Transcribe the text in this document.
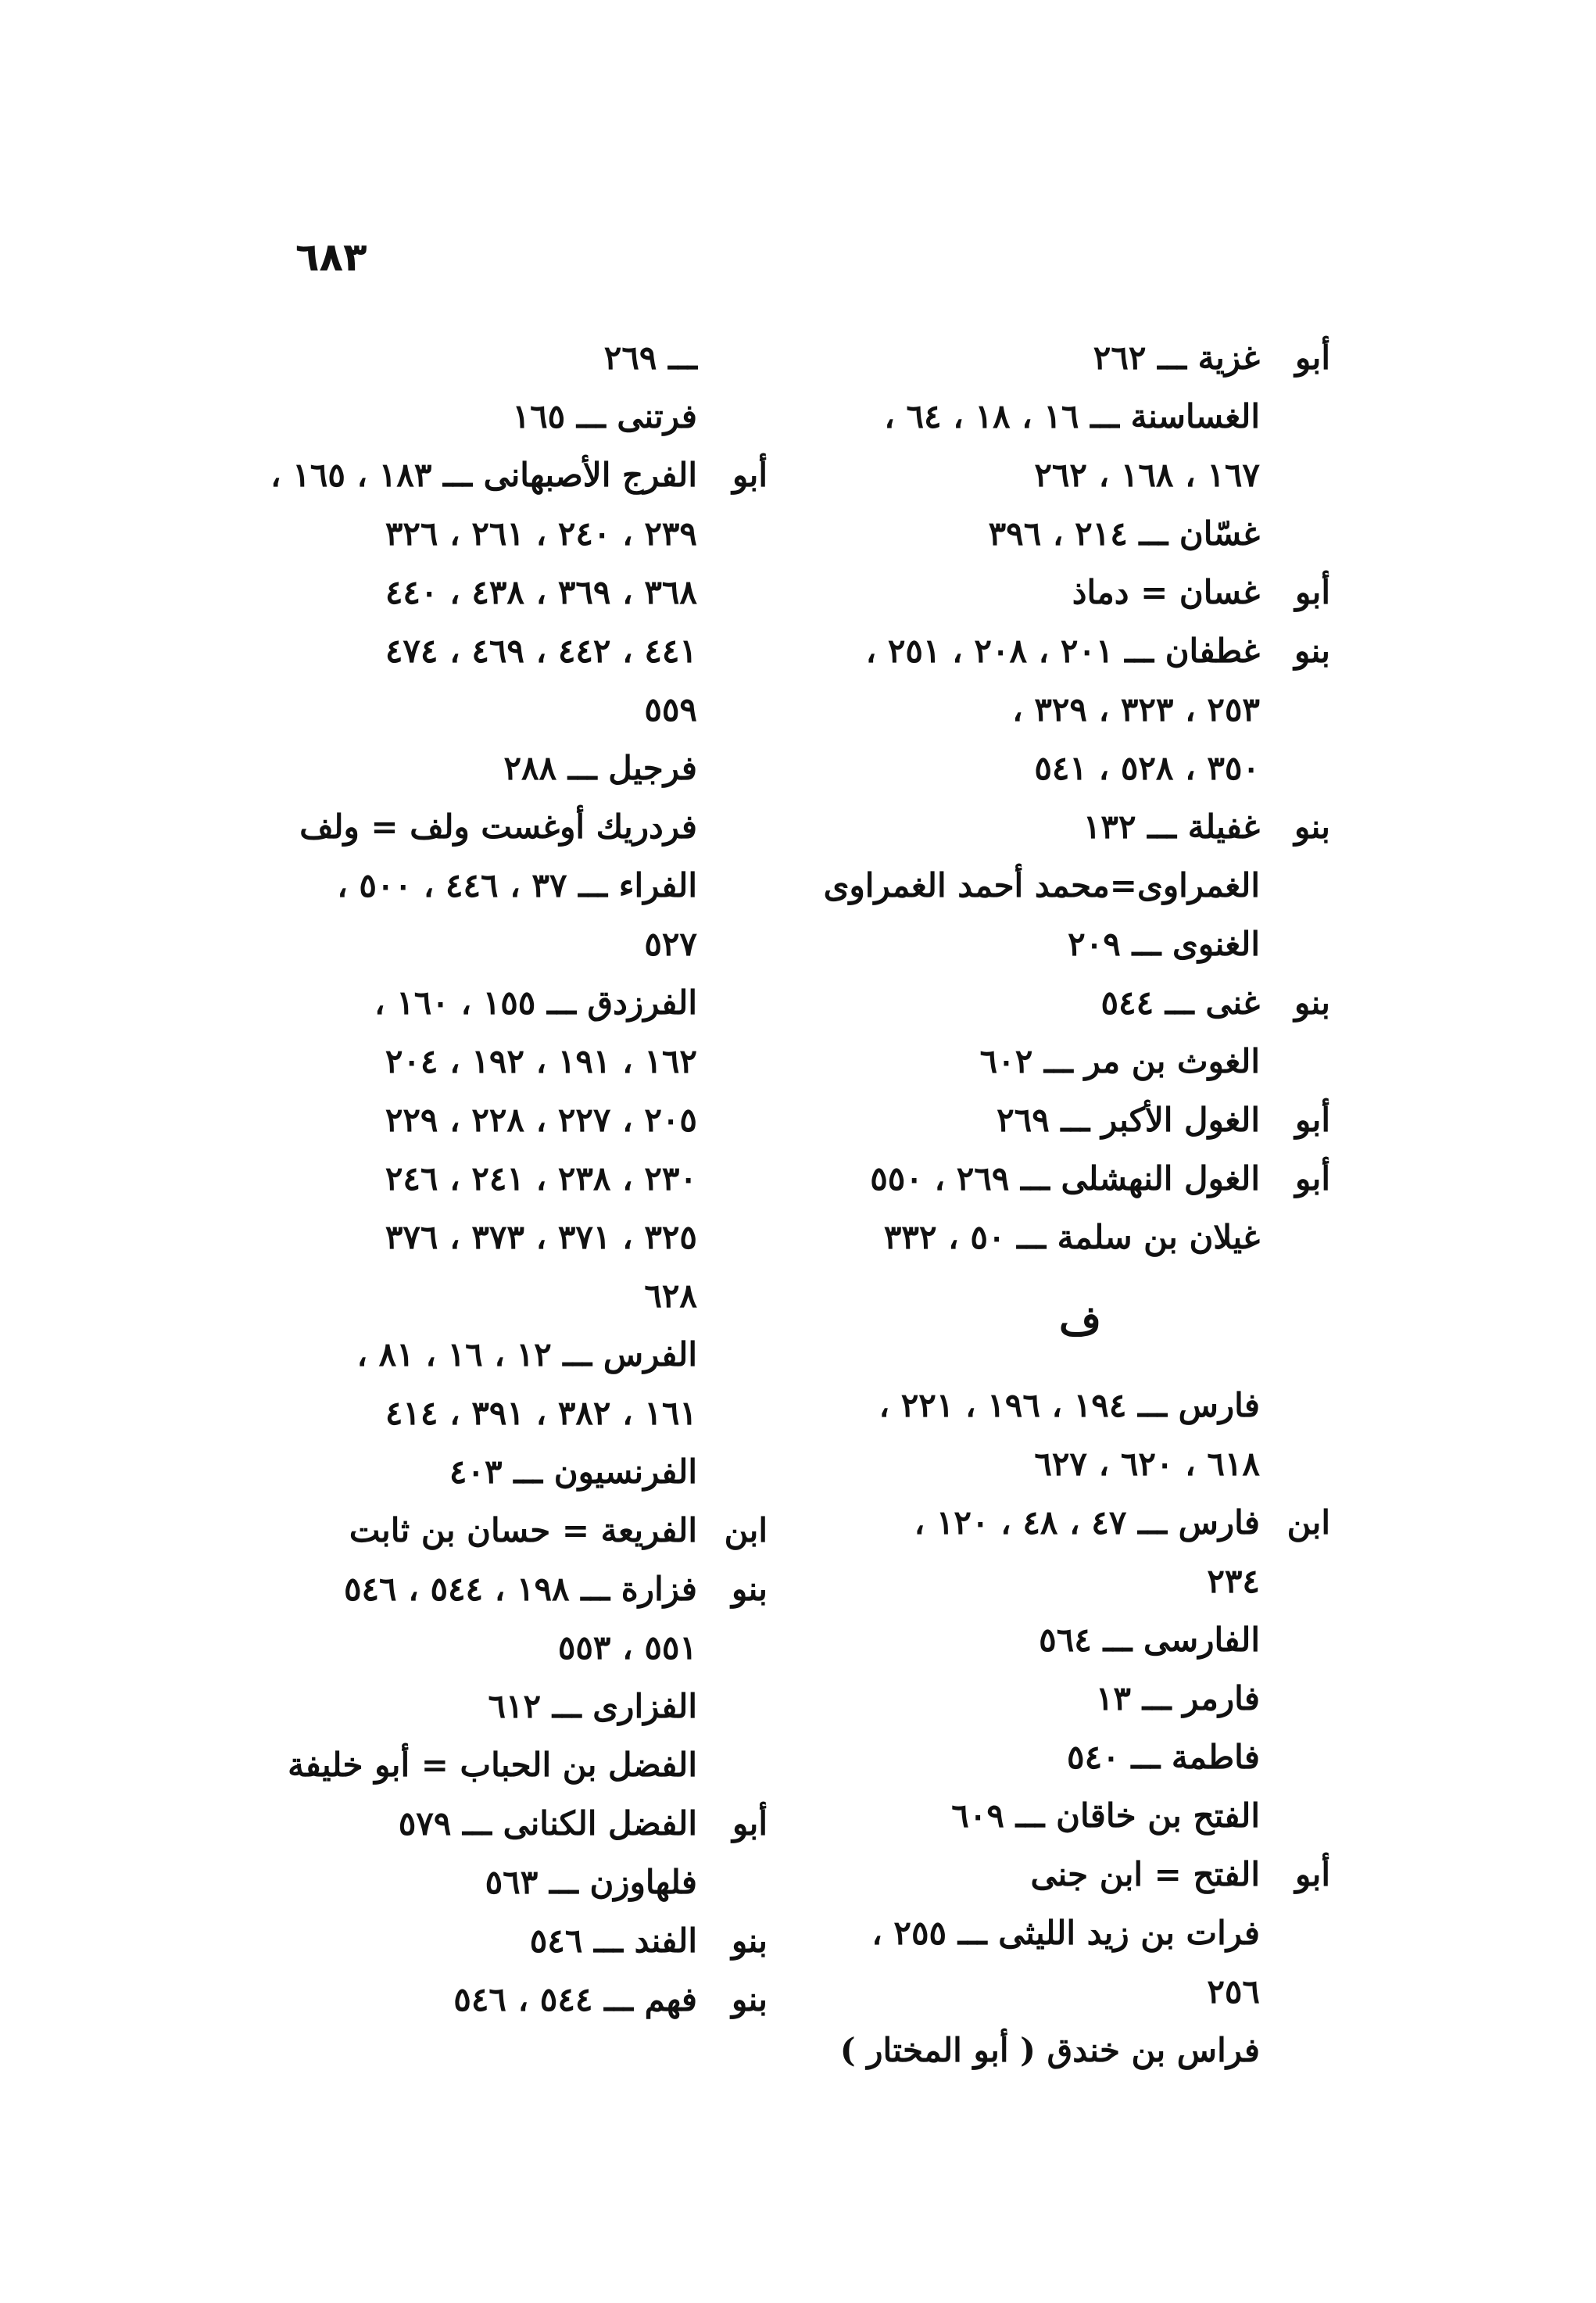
٦٨٣
أبو
غزية ـــ ٢٦٢
الغساسنة ـــ ١٦ ، ١٨ ، ٦٤ ،
١٦٧ ، ١٦٨ ، ٢٦٢
غسّان ـــ ٢١٤ ، ٣٩٦
أبو
غسان = دماذ
بنو
غطفان ـــ ٢٠١ ، ٢٠٨ ، ٢٥١ ،
٢٥٣ ، ٣٢٣ ، ٣٢٩ ،
٣٥٠ ، ٥٢٨ ، ٥٤١
بنو
غفيلة ـــ ١٣٢
الغمراوى=محمد أحمد الغمراوى
الغنوى ـــ ٢٠٩
بنو
غنى ـــ ٥٤٤
الغوث بن مر ـــ ٦٠٢
أبو
الغول الأكبر ـــ ٢٦٩
أبو
الغول النهشلى ـــ ٢٦٩ ، ٥٥٠
غيلان بن سلمة ـــ ٥٠ ، ٣٣٢
ف
فارس ـــ ١٩٤ ، ١٩٦ ، ٢٢١ ،
٦١٨ ، ٦٢٠ ، ٦٢٧
ابن
فارس ـــ ٤٧ ، ٤٨ ، ١٢٠ ،
٢٣٤
الفارسى ـــ ٥٦٤
فارمر ـــ ١٣
فاطمة ـــ ٥٤٠
الفتح بن خاقان ـــ ٦٠٩
أبو
الفتح = ابن جنى
فرات بن زيد الليثى ـــ ٢٥٥ ،
٢٥٦
فراس بن خندق ( أبو المختار )
ـــ ٢٦٩
فرتنى ـــ ١٦٥
أبو
الفرج الأصبهانى ـــ ١٨٣ ، ١٦٥ ،
٢٣٩ ، ٢٤٠ ، ٢٦١ ، ٣٢٦
٣٦٨ ، ٣٦٩ ، ٤٣٨ ، ٤٤٠
٤٤١ ، ٤٤٢ ، ٤٦٩ ، ٤٧٤
٥٥٩
فرجيل ـــ ٢٨٨
فردريك أوغست ولف = ولف
الفراء ـــ ٣٧ ، ٤٤٦ ، ٥٠٠ ،
٥٢٧
الفرزدق ـــ ١٥٥ ، ١٦٠ ،
١٦٢ ، ١٩١ ، ١٩٢ ، ٢٠٤
٢٠٥ ، ٢٢٧ ، ٢٢٨ ، ٢٢٩
٢٣٠ ، ٢٣٨ ، ٢٤١ ، ٢٤٦
٣٢٥ ، ٣٧١ ، ٣٧٣ ، ٣٧٦
٦٢٨
الفرس ـــ ١٢ ، ١٦ ، ٨١ ،
١٦١ ، ٣٨٢ ، ٣٩١ ، ٤١٤
الفرنسيون ـــ ٤٠٣
ابن
الفريعة = حسان بن ثابت
بنو
فزارة ـــ ١٩٨ ، ٥٤٤ ، ٥٤٦
٥٥١ ، ٥٥٣
الفزارى ـــ ٦١٢
الفضل بن الحباب = أبو خليفة
أبو
الفضل الكنانى ـــ ٥٧٩
فلهاوزن ـــ ٥٦٣
بنو
الفند ـــ ٥٤٦
بنو
فهم ـــ ٥٤٤ ، ٥٤٦
